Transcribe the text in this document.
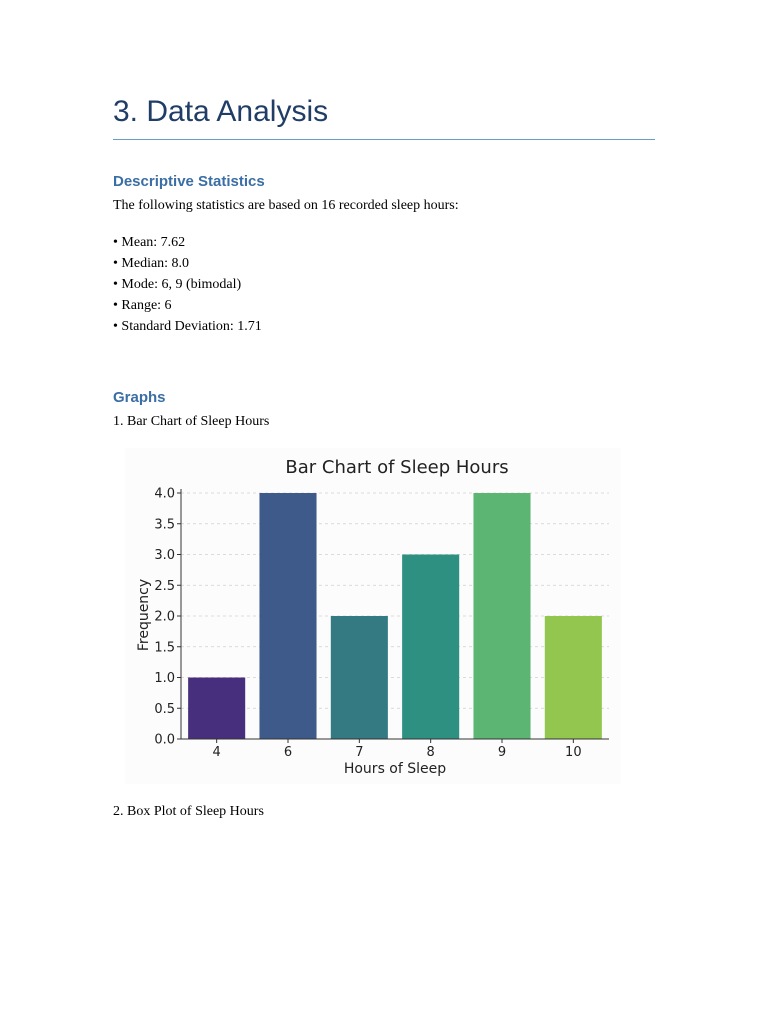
3. Data Analysis
Descriptive Statistics

The following statistics are based on 16 recorded sleep hours:

• Mean: 7.62
• Median: 8.0
• Mode: 6, 9 (bimodal)
• Range: 6
• Standard Deviation: 1.71
Graphs

1. Bar Chart of Sleep Hours

Bar Chart of Sleep Hours
0.0
0.5
1.0
1.5
2.0
2.5
3.0
3.5
4.0
4	6	7	8	9	10
Hours of Sleep
Frequency

2. Box Plot of Sleep Hours
